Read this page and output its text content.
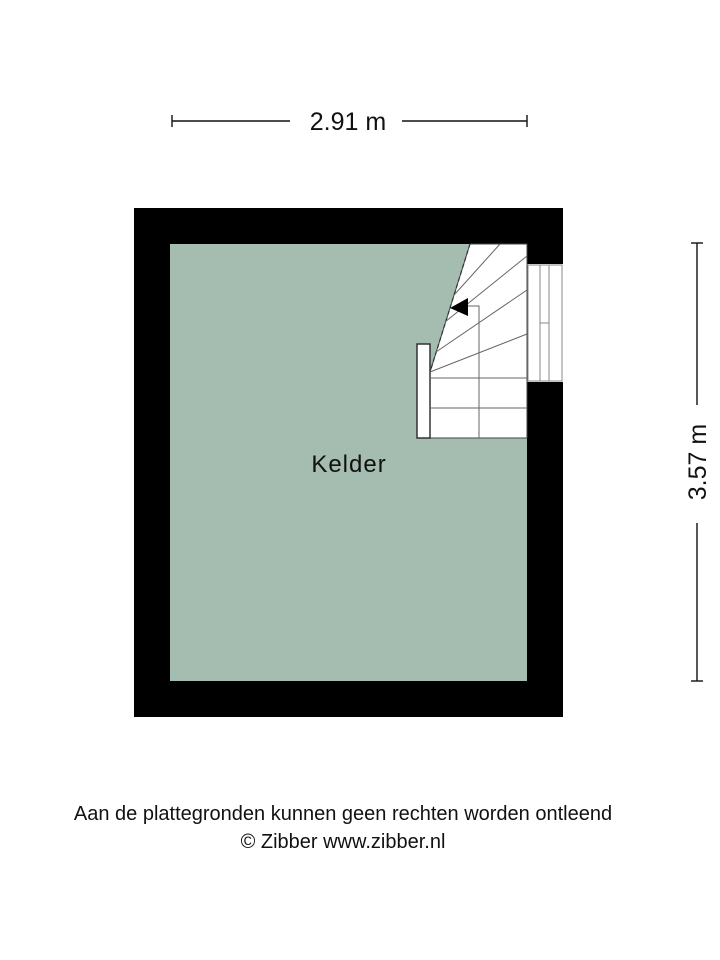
2.91 m
3.57 m
Kelder
Aan de plattegronden kunnen geen rechten worden ontleend
© Zibber www.zibber.nl
